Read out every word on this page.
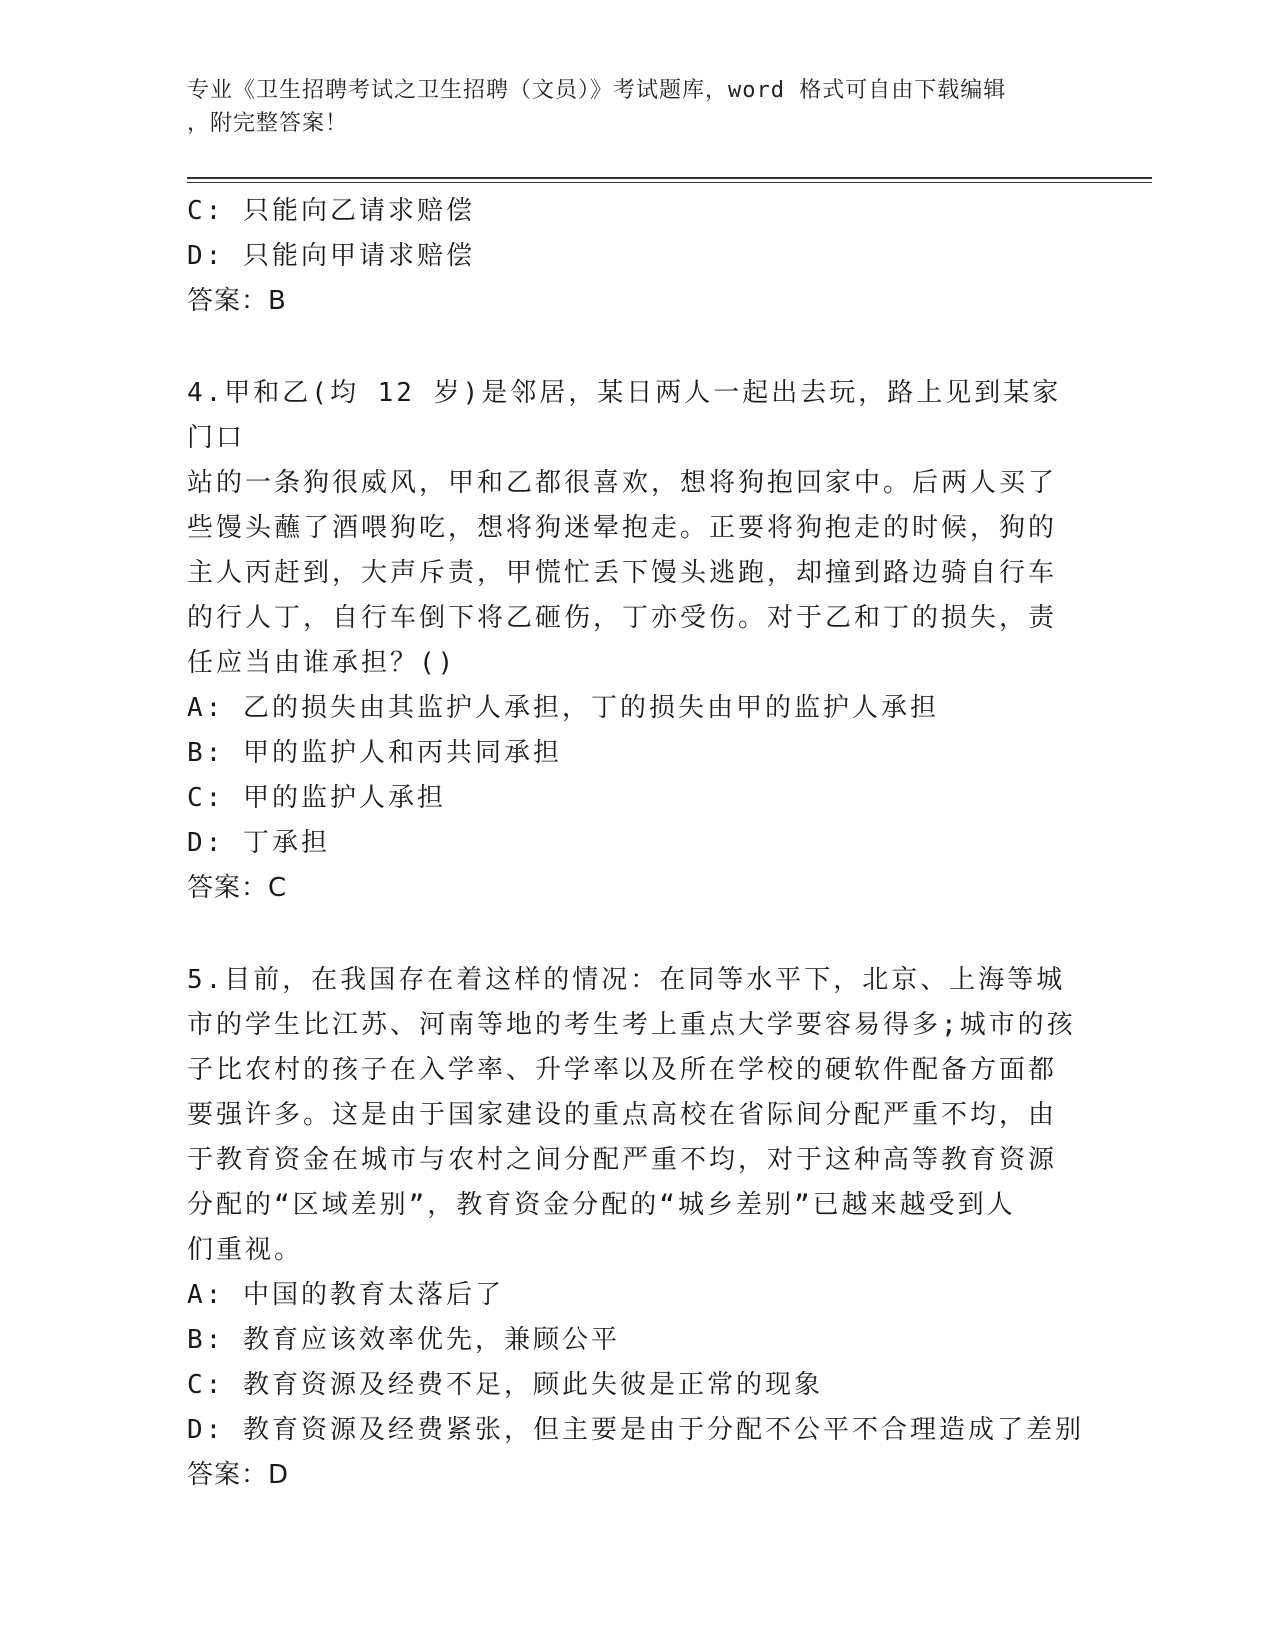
专业《卫生招聘考试之卫生招聘（文员）》考试题库，word 格式可自由下载编辑
，附完整答案！

C: 只能向乙请求赔偿

D: 只能向甲请求赔偿

答案：B

4.甲和乙(均 12 岁)是邻居，某日两人一起出去玩，路上见到某家门口

站的一条狗很威风，甲和乙都很喜欢，想将狗抱回家中。后两人买了

些馒头蘸了酒喂狗吃，想将狗迷晕抱走。正要将狗抱走的时候，狗的

主人丙赶到，大声斥责，甲慌忙丢下馒头逃跑，却撞到路边骑自行车

的行人丁，自行车倒下将乙砸伤，丁亦受伤。对于乙和丁的损失，责

任应当由谁承担？()

A: 乙的损失由其监护人承担，丁的损失由甲的监护人承担

B: 甲的监护人和丙共同承担

C: 甲的监护人承担

D: 丁承担

答案：C

5.目前，在我国存在着这样的情况：在同等水平下，北京、上海等城

市的学生比江苏、河南等地的考生考上重点大学要容易得多;城市的孩

子比农村的孩子在入学率、升学率以及所在学校的硬软件配备方面都

要强许多。这是由于国家建设的重点高校在省际间分配严重不均，由

于教育资金在城市与农村之间分配严重不均，对于这种高等教育资源

分配的“区域差别”，教育资金分配的“城乡差别”已越来越受到人

们重视。

A: 中国的教育太落后了

B: 教育应该效率优先，兼顾公平

C: 教育资源及经费不足，顾此失彼是正常的现象

D: 教育资源及经费紧张，但主要是由于分配不公平不合理造成了差别

答案：D
